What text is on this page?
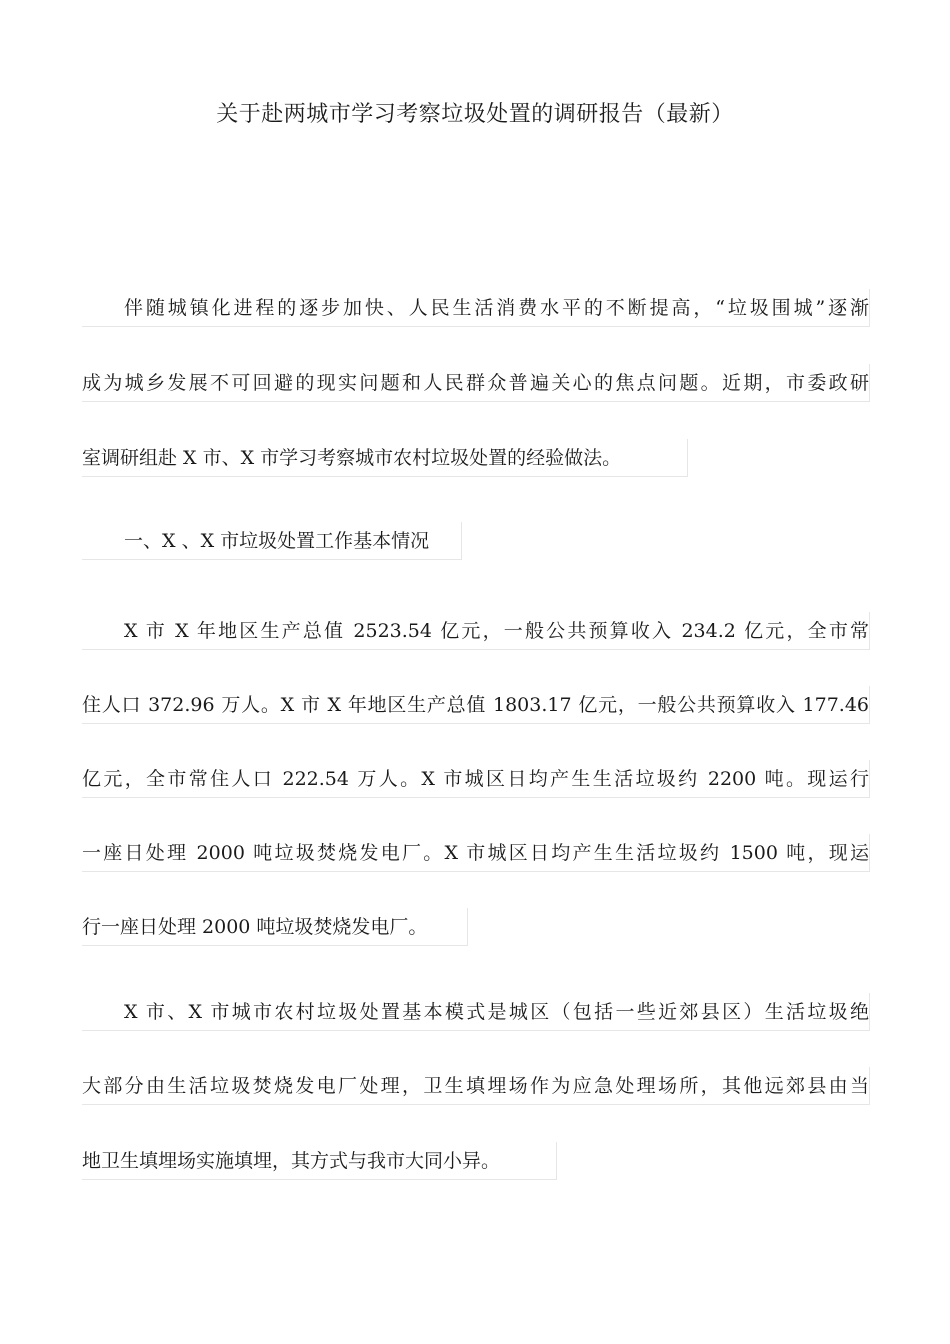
关于赴两城市学习考察垃圾处置的调研报告（最新）
伴随城镇化进程的逐步加快、人民生活消费水平的不断提高，“垃圾围城”逐渐
成为城乡发展不可回避的现实问题和人民群众普遍关心的焦点问题。近期，市委政研
室调研组赴 X 市、X 市学习考察城市农村垃圾处置的经验做法。
一、X 、X 市垃圾处置工作基本情况
X 市 X 年地区生产总值 2523.54 亿元，一般公共预算收入 234.2 亿元，全市常
住人口 372.96 万人。X 市 X 年地区生产总值 1803.17 亿元，一般公共预算收入 177.46
亿元，全市常住人口 222.54 万人。X 市城区日均产生生活垃圾约 2200 吨。现运行
一座日处理 2000 吨垃圾焚烧发电厂。X 市城区日均产生生活垃圾约 1500 吨，现运
行一座日处理 2000 吨垃圾焚烧发电厂。
X 市、X 市城市农村垃圾处置基本模式是城区（包括一些近郊县区）生活垃圾绝
大部分由生活垃圾焚烧发电厂处理，卫生填埋场作为应急处理场所，其他远郊县由当
地卫生填埋场实施填埋，其方式与我市大同小异。
